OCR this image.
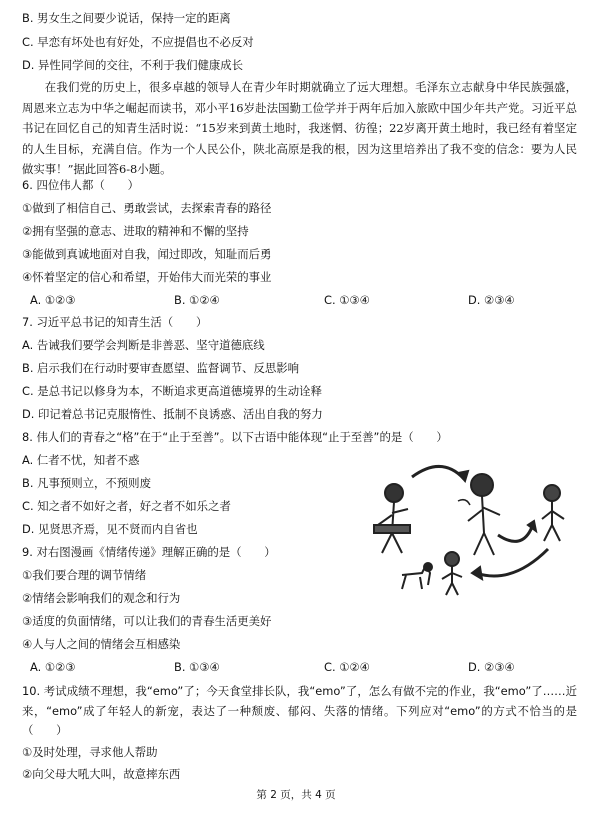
B. 男女生之间要少说话，保持一定的距离
C. 早恋有坏处也有好处，不应提倡也不必反对
D. 异性同学间的交往，不利于我们健康成长
在我们党的历史上，很多卓越的领导人在青少年时期就确立了远大理想。毛泽东立志献身中华民族强盛，周恩来立志为中华之崛起而读书，邓小平16岁赴法国勤工俭学并于两年后加入旅欧中国少年共产党。习近平总书记在回忆自己的知青生活时说：“15岁来到黄土地时，我迷惘、彷徨；22岁离开黄土地时，我已经有着坚定的人生目标，充满自信。作为一个人民公仆，陕北高原是我的根，因为这里培养出了我不变的信念：要为人民做实事！”据此回答6-8小题。
6. 四位伟人都（　　）
①做到了相信自己、勇敢尝试，去探索青春的路径
②拥有坚强的意志、进取的精神和不懈的坚持
③能做到真诚地面对自我，闻过即改，知耻而后勇
④怀着坚定的信心和希望，开始伟大而光荣的事业
A. ①②③	B. ①②④	C. ①③④	D. ②③④
7. 习近平总书记的知青生活（　　）
A. 告诫我们要学会判断是非善恶、坚守道德底线
B. 启示我们在行动时要审查愿望、监督调节、反思影响
C. 是总书记以修身为本，不断追求更高道德境界的生动诠释
D. 印记着总书记克服惰性、抵制不良诱惑、活出自我的努力
8. 伟人们的青春之“格”在于“止于至善”。以下古语中能体现“止于至善”的是（　　）
A. 仁者不忧，知者不惑
B. 凡事预则立，不预则废
C. 知之者不如好之者，好之者不如乐之者
D. 见贤思齐焉，见不贤而内自省也
9. 对右图漫画《情绪传递》理解正确的是（　　）
①我们要合理的调节情绪
②情绪会影响我们的观念和行为
③适度的负面情绪，可以让我们的青春生活更美好
④人与人之间的情绪会互相感染
A. ①②③	B. ①③④	C. ①②④	D. ②③④
10. 考试成绩不理想，我“emo”了；今天食堂排长队，我“emo”了，怎么有做不完的作业，我“emo”了……近来，“emo”成了年轻人的新宠，表达了一种颓废、郁闷、失落的情绪。下列应对“emo”的方式不恰当的是（　　）
①及时处理，寻求他人帮助
②向父母大吼大叫，故意摔东西
第 2 页，共 4 页
